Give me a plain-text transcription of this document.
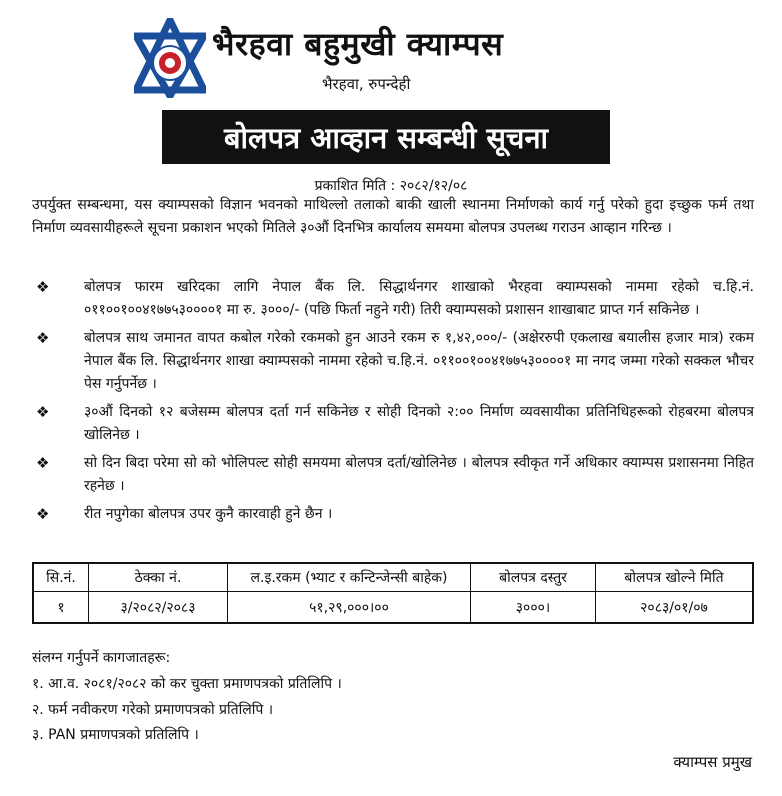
भैरहवा बहुमुखी क्याम्पस
भैरहवा, रुपन्देही
बोलपत्र आव्हान सम्बन्धी सूचना
प्रकाशित मिति : २०८२/१२/०८
उपर्युक्त सम्बन्धमा, यस क्याम्पसको विज्ञान भवनको माथिल्लो तलाको बाकी खाली स्थानमा निर्माणको कार्य गर्नु परेको हुदा इच्छुक फर्म तथा निर्माण व्यवसायीहरूले सूचना प्रकाशन भएको मितिले ३०औं दिनभित्र कार्यालय समयमा बोलपत्र उपलब्ध गराउन आव्हान गरिन्छ ।
❖ बोलपत्र फारम खरिदका लागि नेपाल बैंक लि. सिद्धार्थनगर शाखाको भैरहवा क्याम्पसको नाममा रहेको च.हि.नं. ०११००१००४१७७५३००००१ मा रु. ३०००/- (पछि फिर्ता नहुने गरी) तिरी क्याम्पसको प्रशासन शाखाबाट प्राप्त गर्न सकिनेछ ।
❖ बोलपत्र साथ जमानत वापत कबोल गरेको रकमको हुन आउने रकम रु १,४२,०००/- (अक्षेररुपी एकलाख बयालीस हजार मात्र) रकम नेपाल बैंक लि. सिद्धार्थनगर शाखा क्याम्पसको नाममा रहेको च.हि.नं. ०११००१००४१७७५३००००१ मा नगद जम्मा गरेको सक्कल भौचर पेस गर्नुपर्नेछ ।
❖ ३०औं दिनको १२ बजेसम्म बोलपत्र दर्ता गर्न सकिनेछ र सोही दिनको २:०० निर्माण व्यवसायीका प्रतिनिधिहरूको रोहबरमा बोलपत्र खोलिनेछ ।
❖ सो दिन बिदा परेमा सो को भोलिपल्ट सोही समयमा बोलपत्र दर्ता/खोलिनेछ । बोलपत्र स्वीकृत गर्ने अधिकार क्याम्पस प्रशासनमा निहित रहनेछ ।
❖ रीत नपुगेका बोलपत्र उपर कुनै कारवाही हुने छैन ।
सि.नं.	ठेक्का नं.	ल.इ.रकम (भ्याट र कन्टिन्जेन्सी बाहेक)	बोलपत्र दस्तुर	बोलपत्र खोल्ने मिति
१	३/२०८२/२०८३	५१,२९,०००।००	३०००।	२०८३/०१/०७
संलग्न गर्नुपर्ने कागजातहरू:
१. आ.व. २०८१/२०८२ को कर चुक्ता प्रमाणपत्रको प्रतिलिपि ।
२. फर्म नवीकरण गरेको प्रमाणपत्रको प्रतिलिपि ।
३. PAN प्रमाणपत्रको प्रतिलिपि ।
क्याम्पस प्रमुख
